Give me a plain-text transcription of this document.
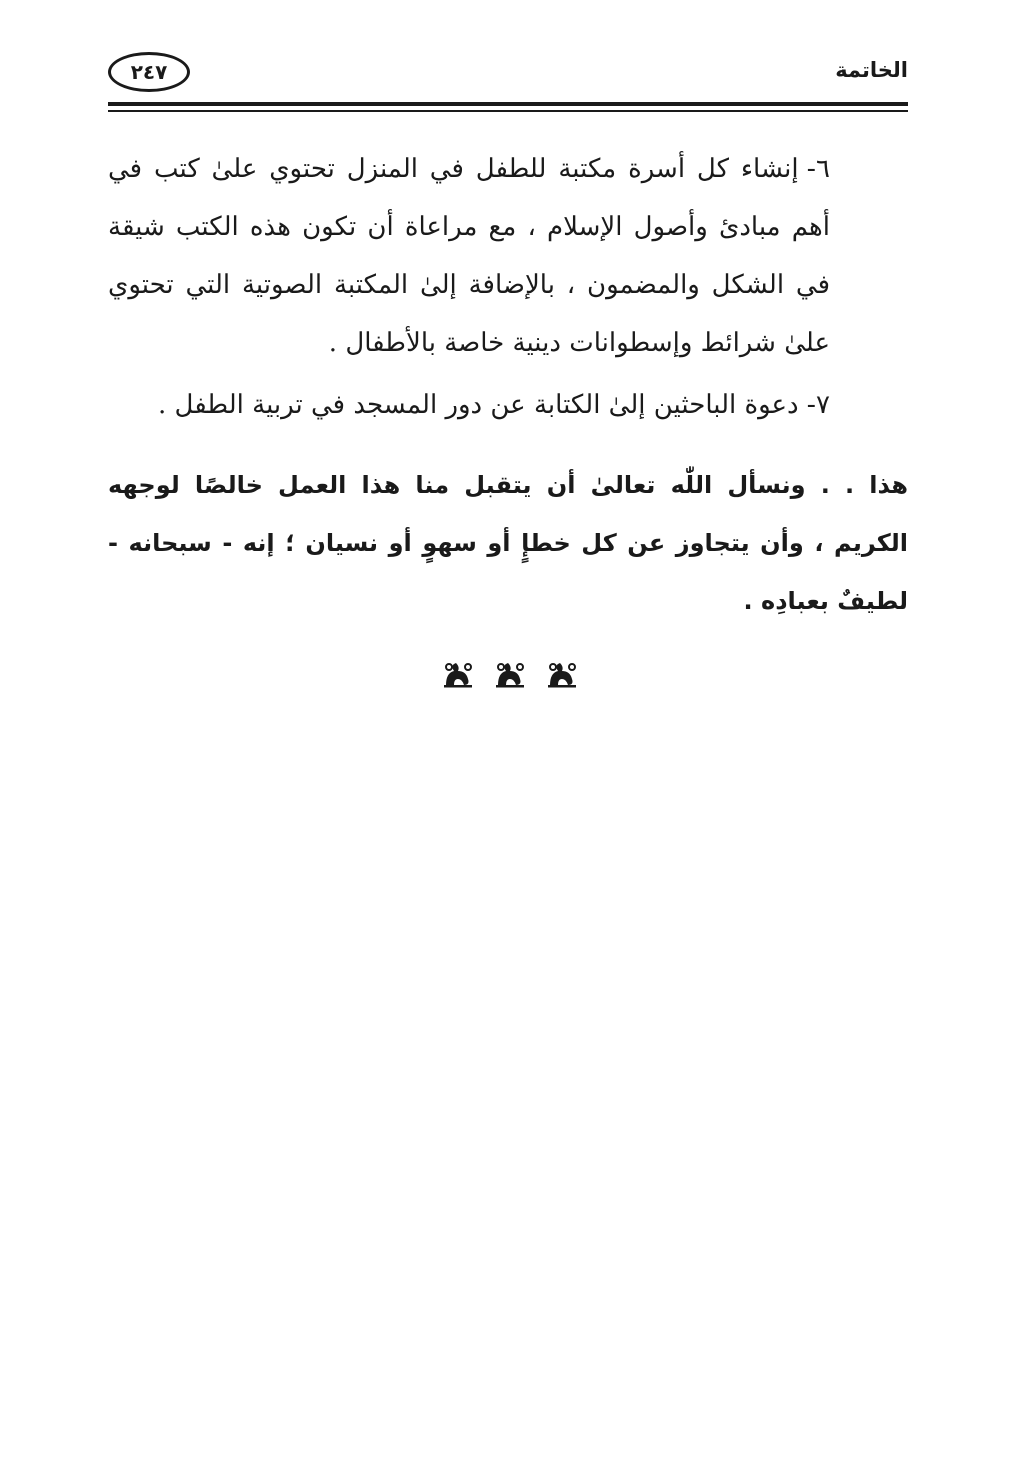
الخاتمة
٢٤٧

٦-إنشاء كل أسرة مكتبة للطفل في المنزل تحتوي علىٰ كتب في أهم مبادئ وأصول الإسلام ، مع مراعاة أن تكون هذه الكتب شيقة في الشكل والمضمون ، بالإضافة إلىٰ المكتبة الصوتية التي تحتوي علىٰ شرائط وإسطوانات دينية خاصة بالأطفال .

٧-دعوة الباحثين إلىٰ الكتابة عن دور المسجد في تربية الطفل .

هذا . . ونسأل اللّٰه تعالىٰ أن يتقبل منا هذا العمل خالصًا لوجهه الكريم ، وأن يتجاوز عن كل خطإٍ أو سهوٍ أو نسيان ؛ إنه - سبحانه - لطيفٌ بعبادِه .
